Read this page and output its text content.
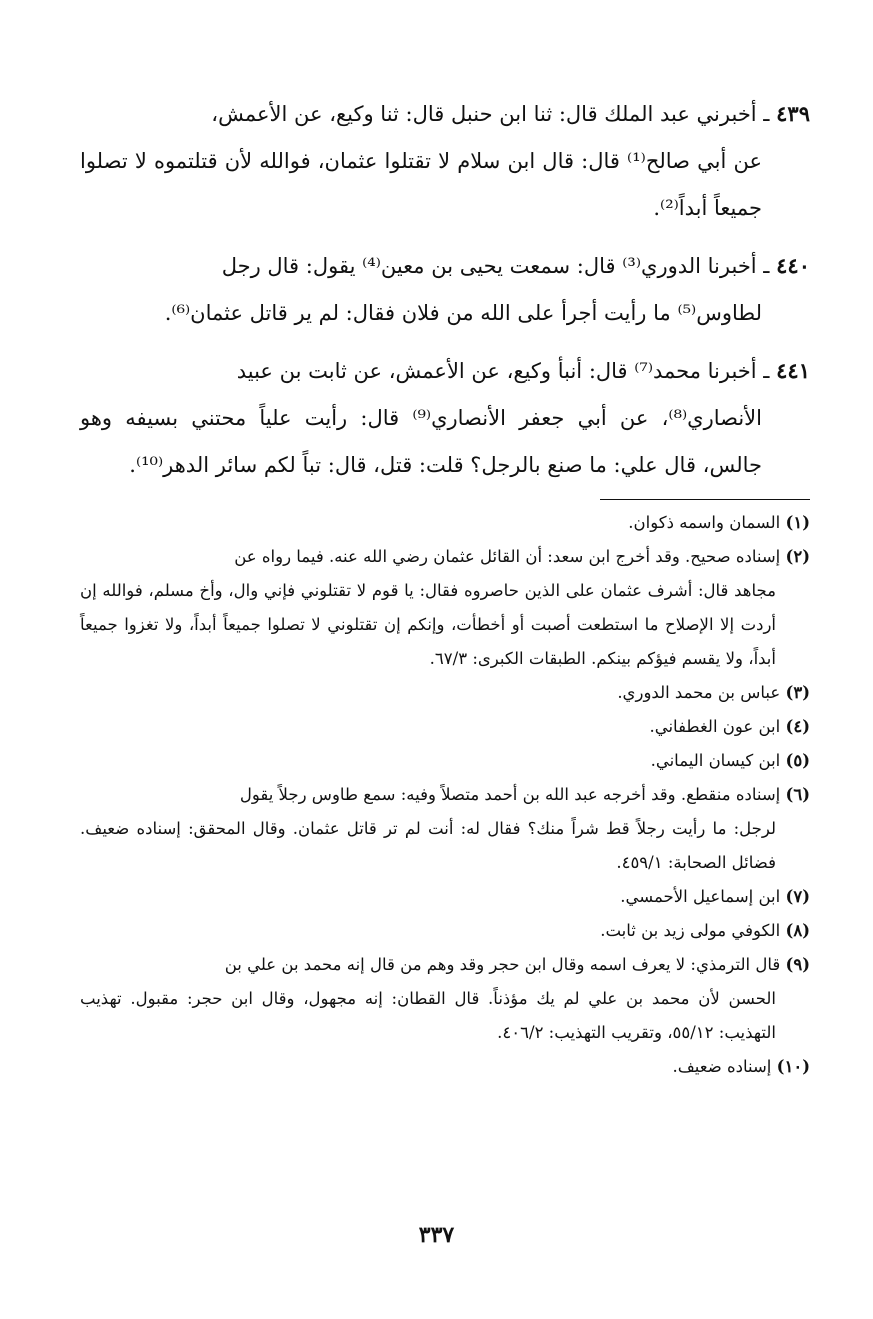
٤٣٩ ـ أخبرني عبد الملك قال: ثنا ابن حنبل قال: ثنا وكيع، عن الأعمش،
عن أبي صالح⁽¹⁾ قال: قال ابن سلام لا تقتلوا عثمان، فوالله لأن قتلتموه لا تصلوا جميعاً أبداً⁽²⁾.
٤٤٠ ـ أخبرنا الدوري⁽³⁾ قال: سمعت يحيى بن معين⁽⁴⁾ يقول: قال رجل
لطاوس⁽⁵⁾ ما رأيت أجرأ على الله من فلان فقال: لم ير قاتل عثمان⁽⁶⁾.
٤٤١ ـ أخبرنا محمد⁽⁷⁾ قال: أنبأ وكيع، عن الأعمش، عن ثابت بن عبيد
الأنصاري⁽⁸⁾، عن أبي جعفر الأنصاري⁽⁹⁾ قال: رأيت علياً محتني بسيفه وهو جالس، قال علي: ما صنع بالرجل؟ قلت: قتل، قال: تباً لكم سائر الدهر⁽¹⁰⁾.
(١) السمان واسمه ذكوان.
(٢) إسناده صحيح. وقد أخرج ابن سعد: أن القائل عثمان رضي الله عنه. فيما رواه عن
مجاهد قال: أشرف عثمان على الذين حاصروه فقال: يا قوم لا تقتلوني فإني وال، وأخ مسلم، فوالله إن أردت إلا الإصلاح ما استطعت أصبت أو أخطأت، وإنكم إن تقتلوني لا تصلوا جميعاً أبداً، ولا تغزوا جميعاً أبداً، ولا يقسم فيؤكم بينكم. الطبقات الكبرى: ٦٧/٣.
(٣) عباس بن محمد الدوري.
(٤) ابن عون الغطفاني.
(٥) ابن كيسان اليماني.
(٦) إسناده منقطع. وقد أخرجه عبد الله بن أحمد متصلاً وفيه: سمع طاوس رجلاً يقول
لرجل: ما رأيت رجلاً قط شراً منك؟ فقال له: أنت لم تر قاتل عثمان. وقال المحقق: إسناده ضعيف. فضائل الصحابة: ٤٥٩/١.
(٧) ابن إسماعيل الأحمسي.
(٨) الكوفي مولى زيد بن ثابت.
(٩) قال الترمذي: لا يعرف اسمه وقال ابن حجر وقد وهم من قال إنه محمد بن علي بن
الحسن لأن محمد بن علي لم يك مؤذناً. قال القطان: إنه مجهول، وقال ابن حجر: مقبول. تهذيب التهذيب: ٥٥/١٢، وتقريب التهذيب: ٤٠٦/٢.
(١٠) إسناده ضعيف.
٣٣٧
